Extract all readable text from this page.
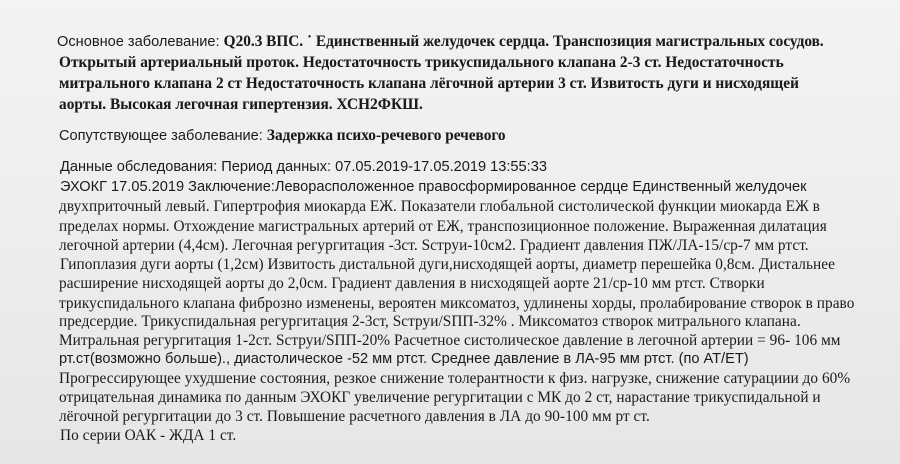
Основное заболевание: Q20.3 ВПС. ˙ Единственный желудочек сердца. Транспозиция магистральных сосудов.
Открытый артериальный проток. Недостаточность трикуспидального клапана 2-3 ст. Недостаточность
митрального клапана 2 ст Недостаточность клапана лёгочной артерии 3 ст. Извитость дуги и нисходящей
аорты. Высокая легочная гипертензия. ХСН2ФКШ.
Сопутствующее заболевание: Задержка психо-речевого речевого
Данные обследования: Период данных: 07.05.2019-17.05.2019 13:55:33
ЭХОКГ 17.05.2019 Заключение:Леворасположенное правосформированное сердце Единственный желудочек
двухприточный левый. Гипертрофия миокарда ЕЖ. Показатели глобальной систолической функции миокарда ЕЖ в
пределах нормы. Отхождение магистральных артерий от ЕЖ, транспозиционное положение. Выраженная дилатация
легочной артерии (4,4см). Легочная регургитация -3ст. Sструи-10см2. Градиент давления ПЖ/ЛА-15/ср-7 мм ртст.
Гипоплазия дуги аорты (1,2см) Извитость дистальной дуги,нисходящей аорты, диаметр перешейка 0,8см. Дистальнее
расширение нисходящей аорты до 2,0см. Градиент давления в нисходящей аорте 21/ср-10 мм ртст. Створки
трикуспидального клапана фиброзно изменены, вероятен миксоматоз, удлинены хорды, пролабирование створок в право
предсердие. Трикуспидальная регургитация 2-3ст, Sструи/SПП-32% . Миксоматоз створок митрального клапана.
Митральная регургитация 1-2ст. Sструи/SПП-20% Расчетное систолическое давление в легочной артерии = 96- 106 мм
рт.ст(возможно больше)., диастолическое -52 мм ртст. Среднее давление в ЛА-95 мм ртст. (по АТ/ЕТ)
Прогрессирующее ухудшение состояния, резкое снижение толерантности к физ. нагрузке, снижение сатурациии до 60%
отрицательная динамика по данным ЭХОКГ увеличение регургитации с МК до 2 ст, нарастание трикуспидальной и
лёгочной регургитации до 3 ст. Повышение расчетного давления в ЛА до 90-100 мм рт ст.
По серии ОАК - ЖДА 1 ст.
